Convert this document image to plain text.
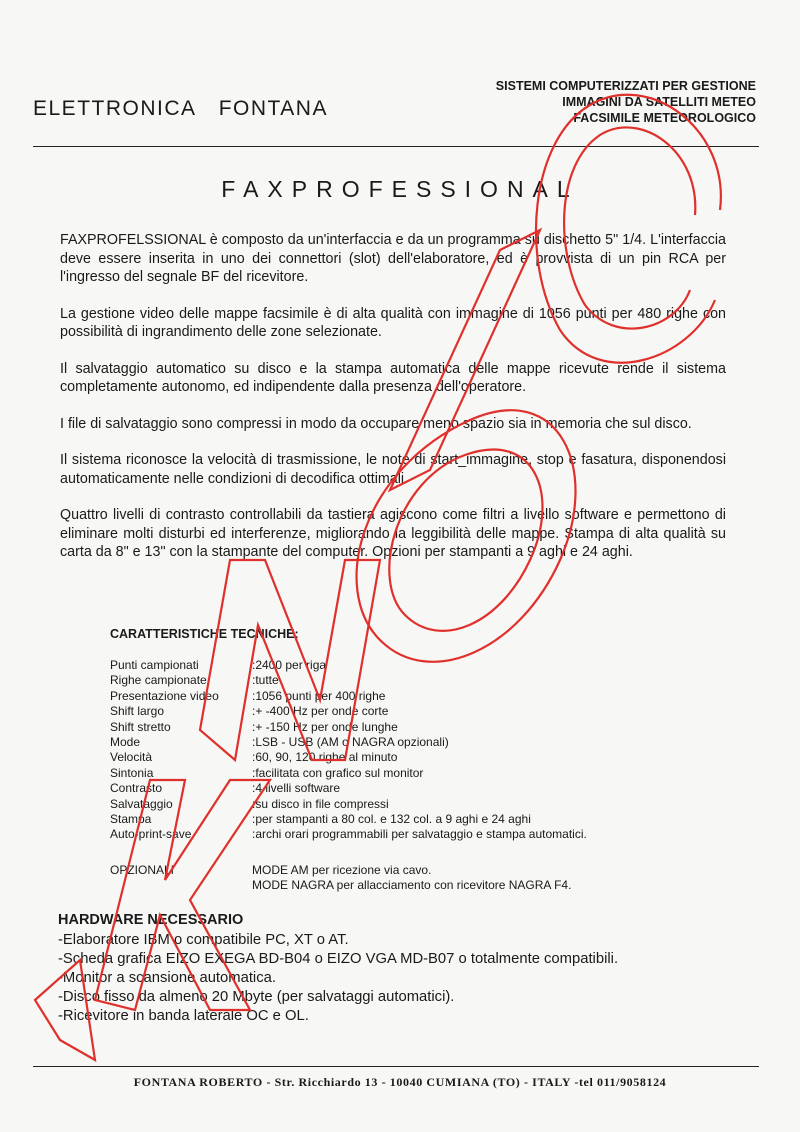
ELETTRONICA FONTANA
SISTEMI COMPUTERIZZATI PER GESTIONE
IMMAGINI DA SATELLITI METEO
FACSIMILE METEOROLOGICO
FAXPROFESSIONAL

FAXPROFELSSIONAL è composto da un'interfaccia e da un programma su dischetto 5" 1/4. L'interfaccia deve essere inserita in uno dei connettori (slot) dell'elaboratore, ed è provvista di un pin RCA per l'ingresso del segnale BF del ricevitore.

La gestione video delle mappe facsimile è di alta qualità con immagine di 1056 punti per 480 righe con possibilità di ingrandimento delle zone selezionate.

Il salvataggio automatico su disco e la stampa automatica delle mappe ricevute rende il sistema completamente autonomo, ed indipendente dalla presenza dell'operatore.

I file di salvataggio sono compressi in modo da occupare meno spazio sia in memoria che sul disco.

Il sistema riconosce la velocità di trasmissione, le note di start_immagine, stop e fasatura, disponendosi automaticamente nelle condizioni di decodifica ottimali.

Quattro livelli di contrasto controllabili da tastiera agiscono come filtri a livello software e permettono di eliminare molti disturbi ed interferenze, migliorando la leggibilità delle mappe. Stampa di alta qualità su carta da 8" e 13" con la stampante del computer. Opzioni per stampanti a 9 aghi e 24 aghi.

CARATTERISTICHE TECNICHE:
Punti campionati	:2400 per riga
Righe campionate	:tutte
Presentazione video	:1056 punti per 400 righe
Shift largo	:+ -400 Hz per onde corte
Shift stretto	:+ -150 Hz per onde lunghe
Mode	:LSB - USB (AM o NAGRA opzionali)
Velocità	:60, 90, 120 righe al minuto
Sintonia	:facilitata con grafico sul monitor
Contrasto	:4 livelli software
Salvataggio	:su disco in file compressi
Stampa	:per stampanti a 80 col. e 132 col. a 9 aghi e 24 aghi
Auto-print-save	:archi orari programmabili per salvataggio e stampa automatici.
OPZIONALI	MODE AM per ricezione via cavo.
MODE NAGRA per allacciamento con ricevitore NAGRA F4.
HARDWARE NECESSARIO
-Elaboratore IBM o compatibile PC, XT o AT.
-Scheda grafica EIZO EXEGA BD-B04 o EIZO VGA MD-B07 o totalmente compatibili.
-Monitor a scansione automatica.
-Disco fisso da almeno 20 Mbyte (per salvataggi automatici).
-Ricevitore in banda laterale OC e OL.
FONTANA ROBERTO - Str. Ricchiardo 13 - 10040 CUMIANA (TO) - ITALY -tel 011/9058124
